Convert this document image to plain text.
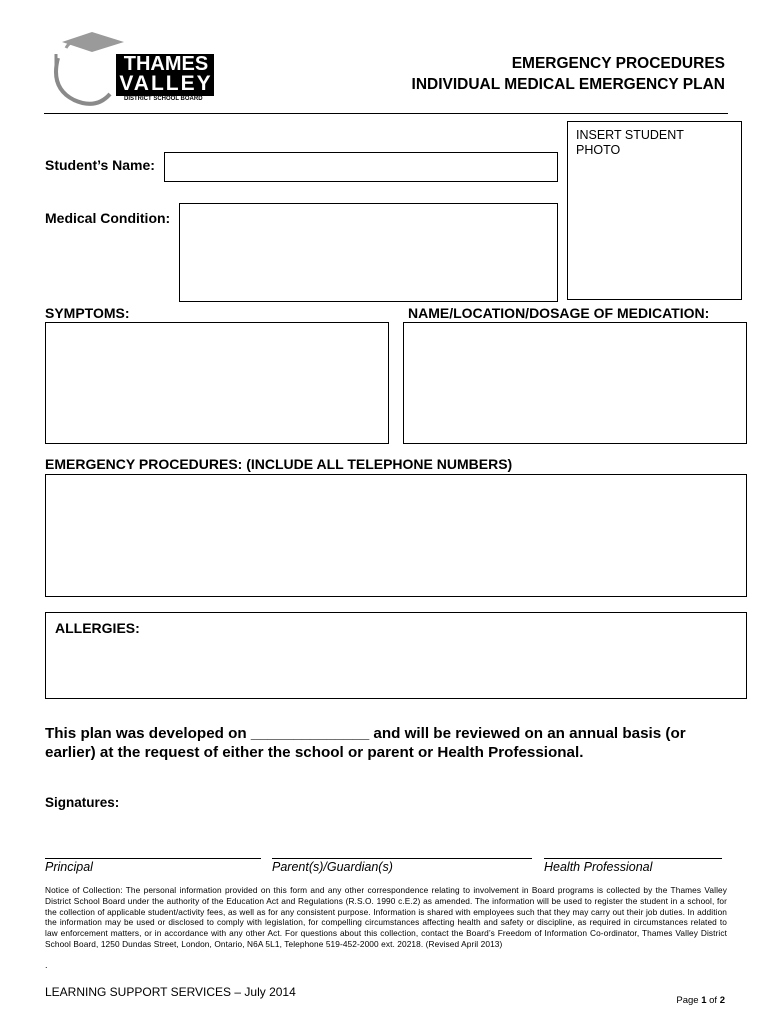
THAMES
VALLEY
DISTRICT SCHOOL BOARD
EMERGENCY PROCEDURES
INDIVIDUAL MEDICAL EMERGENCY PLAN
INSERT STUDENT PHOTO
Student’s Name:
Medical Condition:
SYMPTOMS:	NAME/LOCATION/DOSAGE OF MEDICATION:
EMERGENCY PROCEDURES: (INCLUDE ALL TELEPHONE NUMBERS)
ALLERGIES:
This plan was developed on ______________ and will be reviewed on an annual basis (or
earlier) at the request of either the school or parent or Health Professional.
Signatures:
Principal	Parent(s)/Guardian(s)	Health Professional
Notice of Collection: The personal information provided on this form and any other correspondence relating to involvement in Board programs is collected by the Thames Valley District School Board under the authority of the Education Act and Regulations (R.S.O. 1990 c.E.2) as amended. The information will be used to register the student in a school, for the collection of applicable student/activity fees, as well as for any consistent purpose. Information is shared with employees such that they may carry out their job duties. In addition the information may be used or disclosed to comply with legislation, for compelling circumstances affecting health and safety or discipline, as required in circumstances related to law enforcement matters, or in accordance with any other Act. For questions about this collection, contact the Board’s Freedom of Information Co-ordinator, Thames Valley District School Board, 1250 Dundas Street, London, Ontario, N6A 5L1, Telephone 519-452-2000 ext. 20218. (Revised April 2013)
.
LEARNING SUPPORT SERVICES – July 2014
Page 1 of 2
